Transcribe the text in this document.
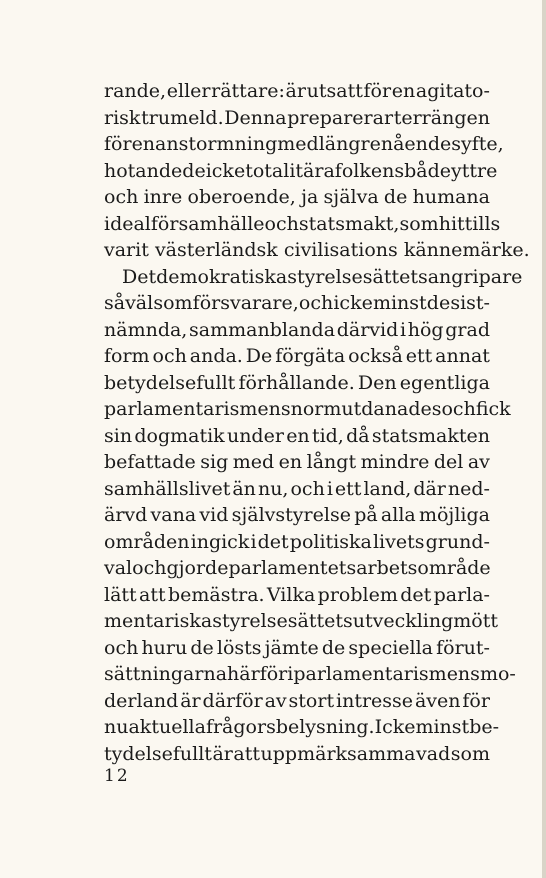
rande, eller rättare: är utsatt för en agitato-
risk trumeld. Denna preparerar terrängen
för en anstormning med längre nående syfte,
hotande de icke totalitära folkens både yttre
och inre oberoende, ja själva de humana
ideal för samhälle och statsmakt, som hittills
varit västerländsk civilisations kännemärke.
Det demokratiska styrelsesättets angripare
såväl som försvarare, och icke minst de sist-
nämnda, sammanblanda därvid i hög grad
form och anda. De förgäta också ett annat
betydelsefullt förhållande. Den egentliga
parlamentarismens norm utdanades och fick
sin dogmatik under en tid, då statsmakten
befattade sig med en långt mindre del av
samhällslivet än nu, och i ett land, där ned-
ärvd vana vid självstyrelse på alla möjliga
områden ingick i det politiska livets grund-
val och gjorde parlamentets arbetsområde
lätt att bemästra. Vilka problem det parla-
mentariska styrelsesättets utveckling mött
och huru de lösts jämte de speciella förut-
sättningarna härför i parlamentarismens mo-
derland är därför av stort intresse även för
nu aktuella frågors belysning. Icke minst be-
tydelsefullt är att uppmärksamma vad som
12
